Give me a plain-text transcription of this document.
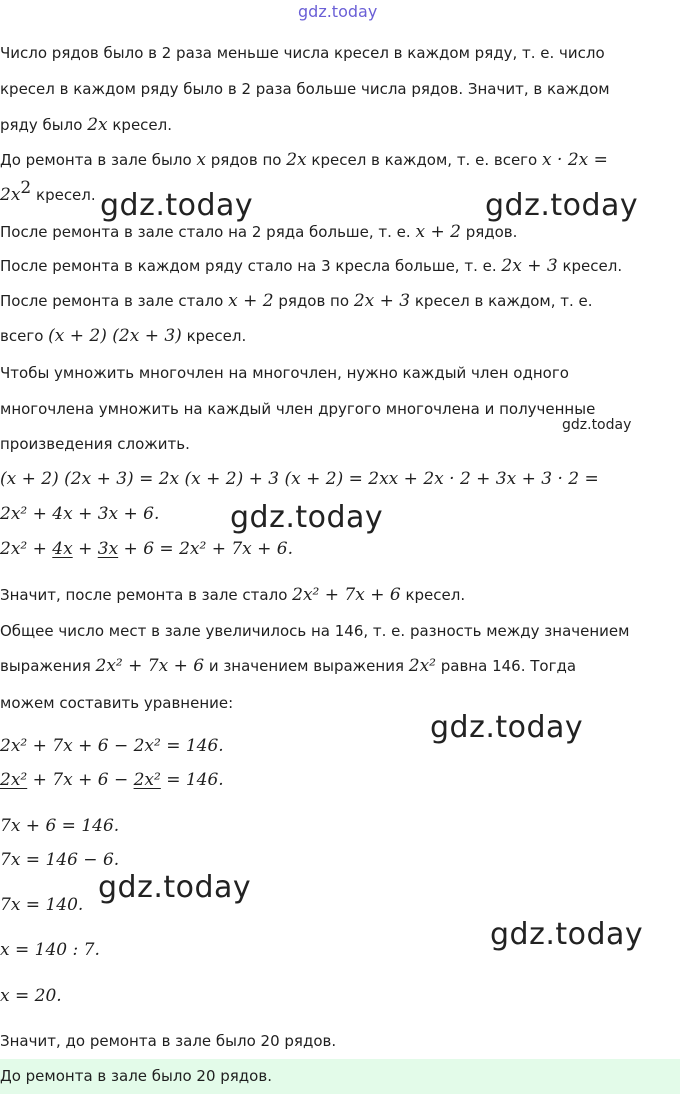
gdz.today
gdz.today	gdz.today
gdz.today
gdz.today
gdz.today
gdz.today
gdz.today
Число рядов было в 2 раза меньше числа кресел в каждом ряду, т. е. число
кресел в каждом ряду было в 2 раза больше числа рядов. Значит, в каждом
ряду было 2x кресел.
До ремонта в зале было x рядов по 2x кресел в каждом, т. е. всего x · 2x =
$2x^2$ кресел.
После ремонта в зале стало на 2 ряда больше, т. е. x + 2 рядов.
После ремонта в каждом ряду стало на 3 кресла больше, т. е. 2x + 3 кресел.
После ремонта в зале стало x + 2 рядов по 2x + 3 кресел в каждом, т. е.
всего (x + 2) (2x + 3) кресел.
Чтобы умножить многочлен на многочлен, нужно каждый член одного
многочлена умножить на каждый член другого многочлена и полученные
произведения сложить.
(x + 2) (2x + 3) = 2x (x + 2) + 3 (x + 2) = 2xx + 2x · 2 + 3x + 3 · 2 =
2x² + 4x + 3x + 6.
2x² + 4x + 3x + 6 = 2x² + 7x + 6.
Значит, после ремонта в зале стало 2x² + 7x + 6 кресел.
Общее число мест в зале увеличилось на 146, т. е. разность между значением
выражения 2x² + 7x + 6 и значением выражения 2x² равна 146. Тогда
можем составить уравнение:
2x² + 7x + 6 − 2x² = 146.
2x² + 7x + 6 − 2x² = 146.
7x + 6 = 146.
7x = 146 − 6.
7x = 140.
x = 140 : 7.
x = 20.
Значит, до ремонта в зале было 20 рядов.
До ремонта в зале было 20 рядов.
